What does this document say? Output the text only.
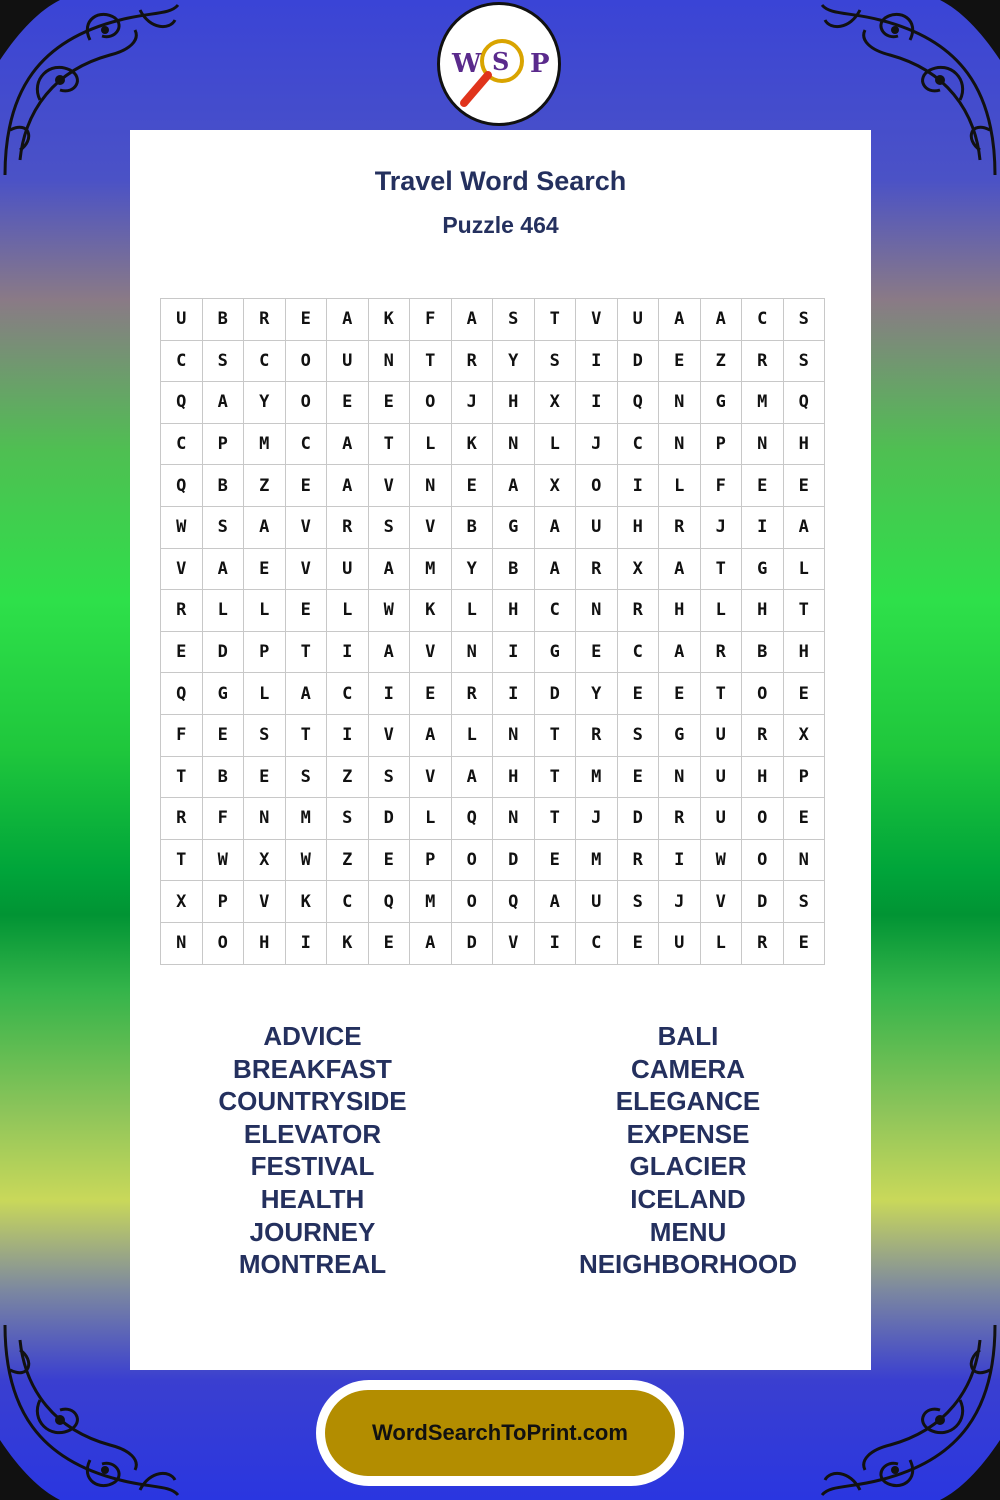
W S P
Travel Word Search
Puzzle 464
U	B	R	E	A	K	F	A	S	T	V	U	A	A	C	S
C	S	C	O	U	N	T	R	Y	S	I	D	E	Z	R	S
Q	A	Y	O	E	E	O	J	H	X	I	Q	N	G	M	Q
C	P	M	C	A	T	L	K	N	L	J	C	N	P	N	H
Q	B	Z	E	A	V	N	E	A	X	O	I	L	F	E	E
W	S	A	V	R	S	V	B	G	A	U	H	R	J	I	A
V	A	E	V	U	A	M	Y	B	A	R	X	A	T	G	L
R	L	L	E	L	W	K	L	H	C	N	R	H	L	H	T
E	D	P	T	I	A	V	N	I	G	E	C	A	R	B	H
Q	G	L	A	C	I	E	R	I	D	Y	E	E	T	O	E
F	E	S	T	I	V	A	L	N	T	R	S	G	U	R	X
T	B	E	S	Z	S	V	A	H	T	M	E	N	U	H	P
R	F	N	M	S	D	L	Q	N	T	J	D	R	U	O	E
T	W	X	W	Z	E	P	O	D	E	M	R	I	W	O	N
X	P	V	K	C	Q	M	O	Q	A	U	S	J	V	D	S
N	O	H	I	K	E	A	D	V	I	C	E	U	L	R	E
ADVICE
BREAKFAST
COUNTRYSIDE
ELEVATOR
FESTIVAL
HEALTH
JOURNEY
MONTREAL
BALI
CAMERA
ELEGANCE
EXPENSE
GLACIER
ICELAND
MENU
NEIGHBORHOOD
WordSearchToPrint.com
